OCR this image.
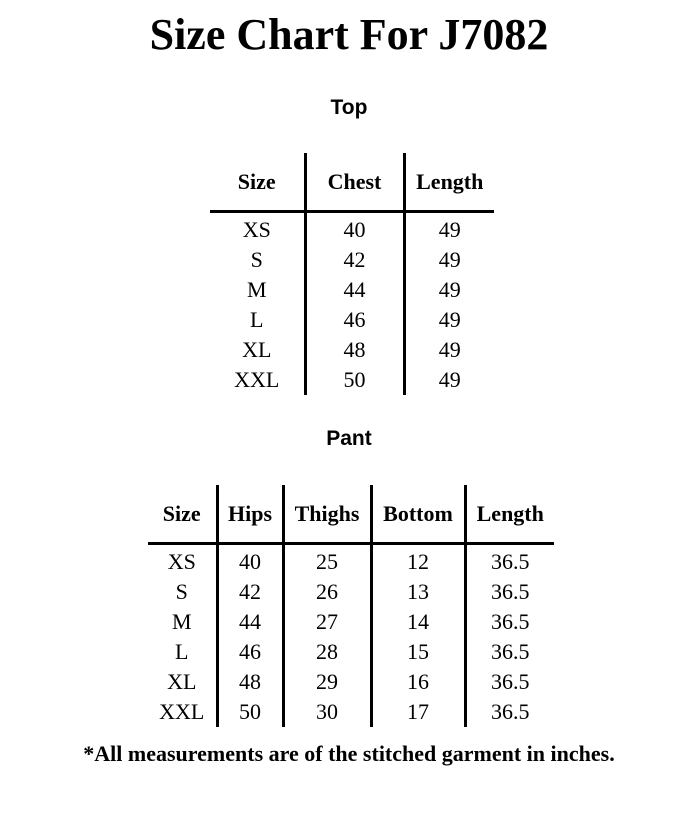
Size Chart For J7082
Top
Size	Chest	Length
XS	40	49
S	42	49
M	44	49
L	46	49
XL	48	49
XXL	50	49
Pant
Size	Hips	Thighs	Bottom	Length
XS	40	25	12	36.5
S	42	26	13	36.5
M	44	27	14	36.5
L	46	28	15	36.5
XL	48	29	16	36.5
XXL	50	30	17	36.5
*All measurements are of the stitched garment in inches.
